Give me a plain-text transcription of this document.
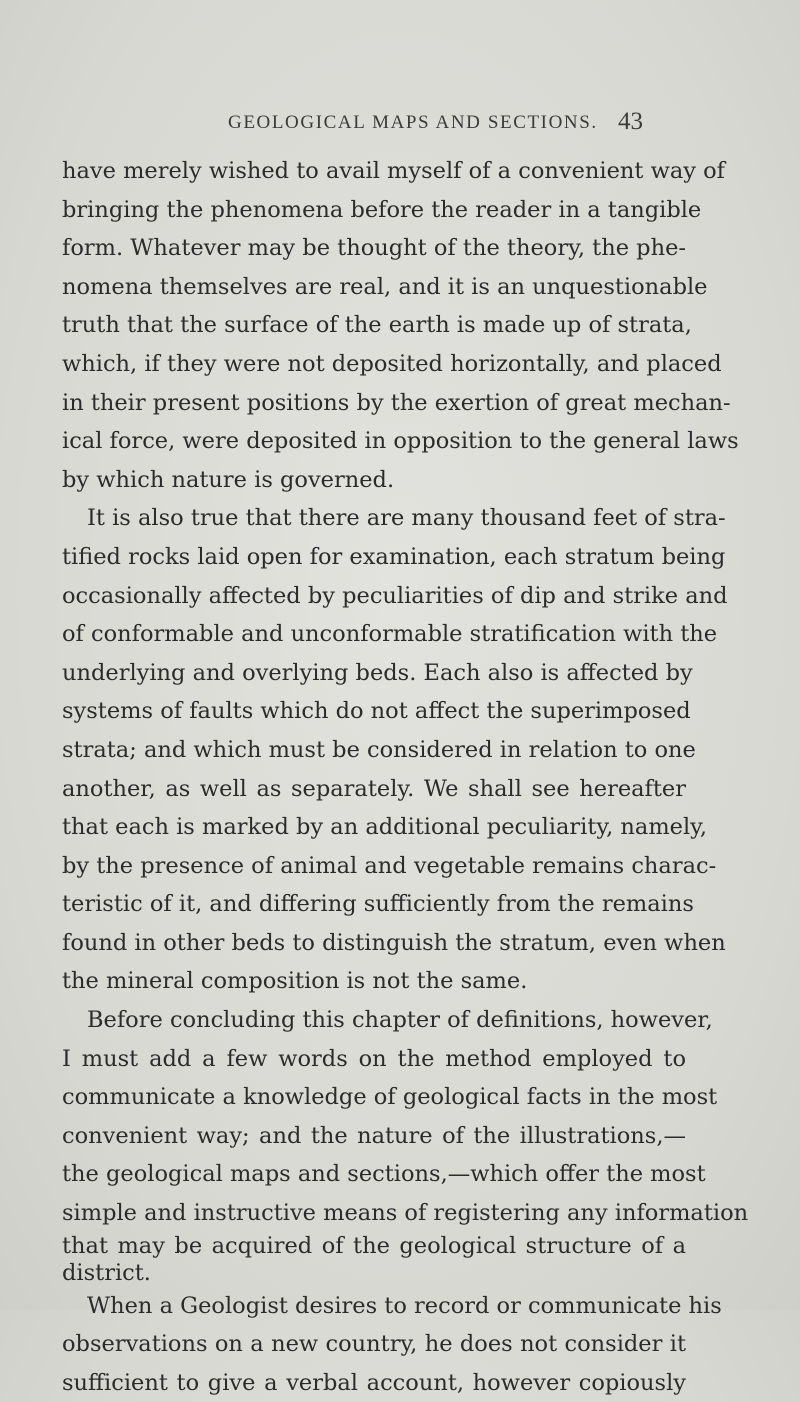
GEOLOGICAL MAPS AND SECTIONS. 43
have merely wished to avail myself of a convenient way of
bringing the phenomena before the reader in a tangible
form. Whatever may be thought of the theory, the phe-
nomena themselves are real, and it is an unquestionable
truth that the surface of the earth is made up of strata,
which, if they were not deposited horizontally, and placed
in their present positions by the exertion of great mechan-
ical force, were deposited in opposition to the general laws
by which nature is governed.
It is also true that there are many thousand feet of stra-
tified rocks laid open for examination, each stratum being
occasionally affected by peculiarities of dip and strike and
of conformable and unconformable stratification with the
underlying and overlying beds. Each also is affected by
systems of faults which do not affect the superimposed
strata; and which must be considered in relation to one
another, as well as separately. We shall see hereafter
that each is marked by an additional peculiarity, namely,
by the presence of animal and vegetable remains charac-
teristic of it, and differing sufficiently from the remains
found in other beds to distinguish the stratum, even when
the mineral composition is not the same.
Before concluding this chapter of definitions, however,
I must add a few words on the method employed to
communicate a knowledge of geological facts in the most
convenient way; and the nature of the illustrations,—
the geological maps and sections,—which offer the most
simple and instructive means of registering any information
that may be acquired of the geological structure of a
district.
When a Geologist desires to record or communicate his
observations on a new country, he does not consider it
sufficient to give a verbal account, however copiously
